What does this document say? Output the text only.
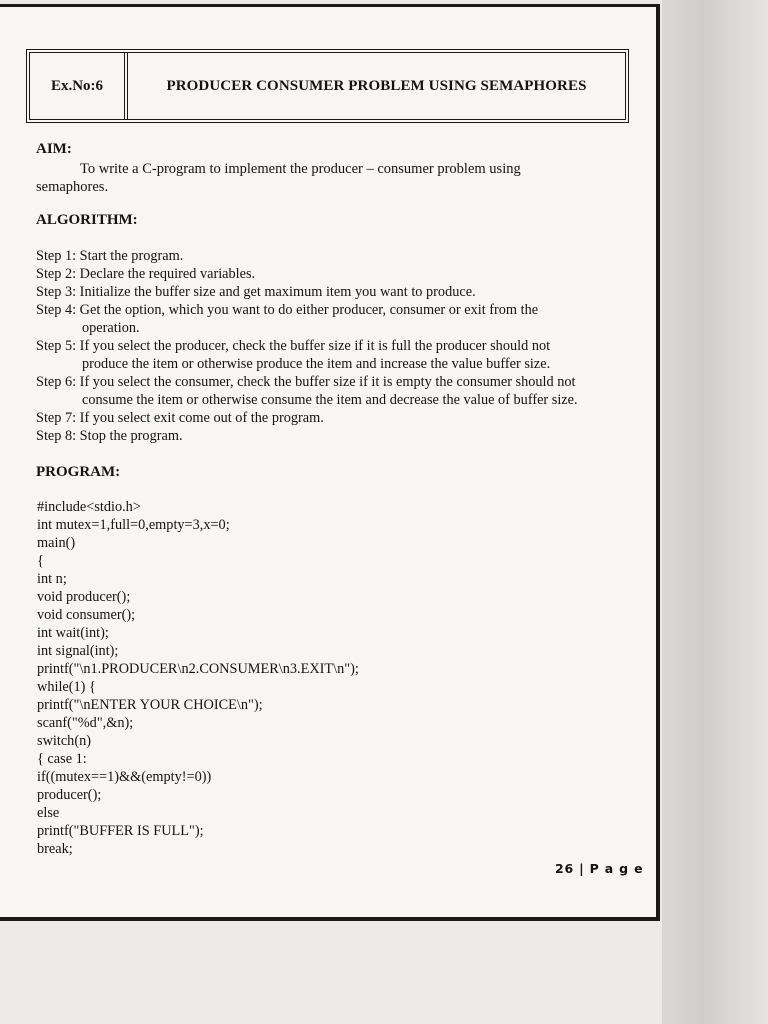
Ex.No:6	PRODUCER CONSUMER PROBLEM USING SEMAPHORES
AIM:
To write a C-program to implement the producer – consumer problem using
semaphores.
ALGORITHM:
Step 1: Start the program.
Step 2: Declare the required variables.
Step 3: Initialize the buffer size and get maximum item you want to produce.
Step 4: Get the option, which you want to do either producer, consumer or exit from the
operation.
Step 5: If you select the producer, check the buffer size if it is full the producer should not
produce the item or otherwise produce the item and increase the value buffer size.
Step 6: If you select the consumer, check the buffer size if it is empty the consumer should not
consume the item or otherwise consume the item and decrease the value of buffer size.
Step 7: If you select exit come out of the program.
Step 8: Stop the program.
PROGRAM:
#include<stdio.h>
int mutex=1,full=0,empty=3,x=0;
main()
{
int n;
void producer();
void consumer();
int wait(int);
int signal(int);
printf("\n1.PRODUCER\n2.CONSUMER\n3.EXIT\n");
while(1) {
printf("\nENTER YOUR CHOICE\n");
scanf("%d",&n);
switch(n)
{ case 1:
if((mutex==1)&&(empty!=0))
producer();
else
printf("BUFFER IS FULL");
break;
26 | P a g e
